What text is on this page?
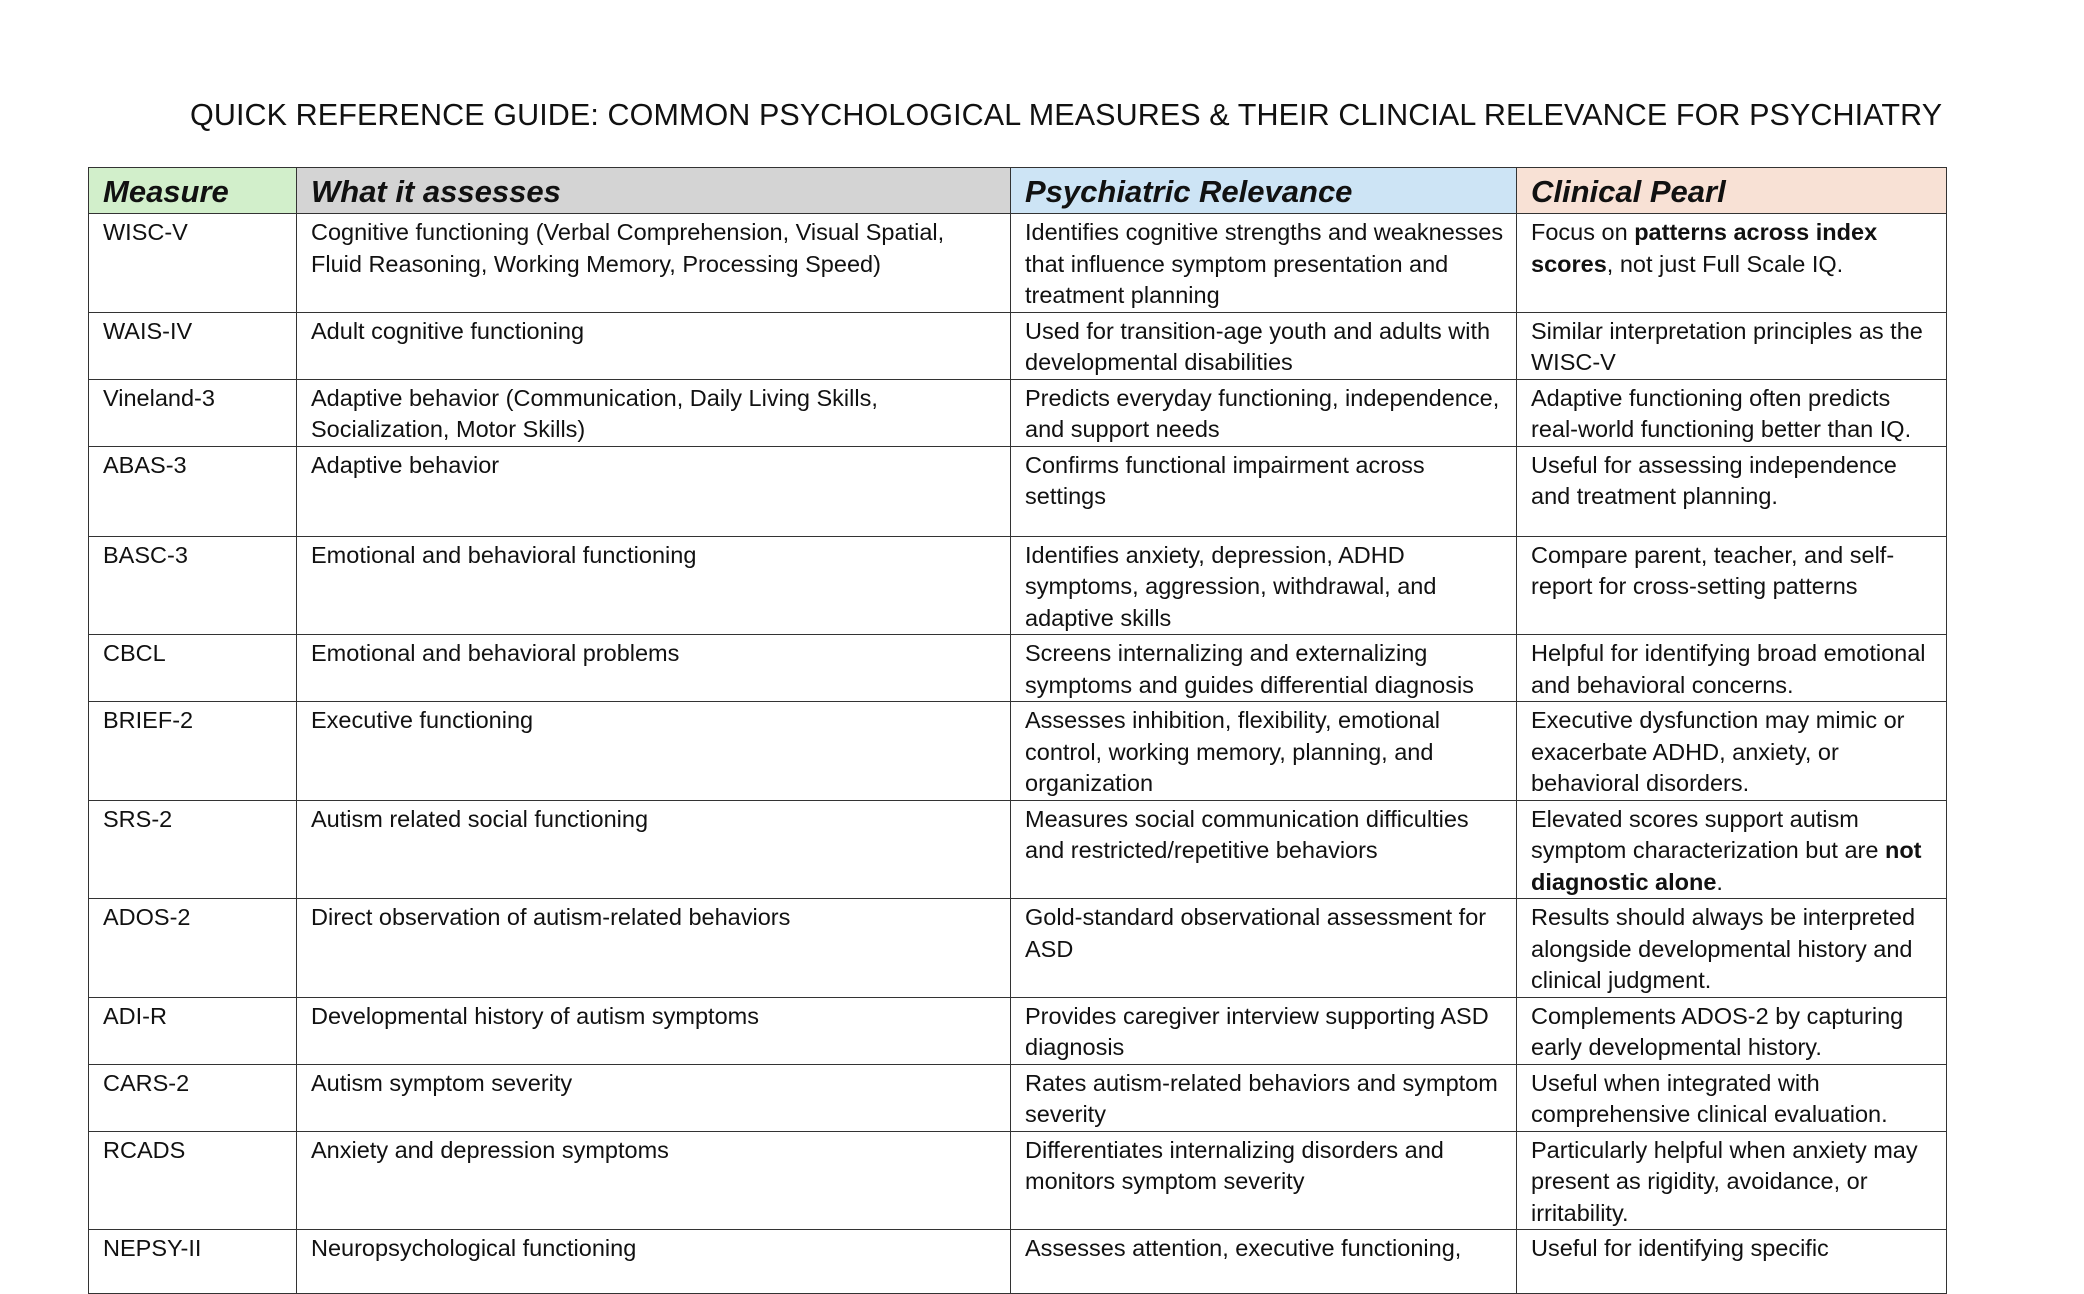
QUICK REFERENCE GUIDE: COMMON PSYCHOLOGICAL MEASURES & THEIR CLINCIAL RELEVANCE FOR PSYCHIATRY
Measure	What it assesses	Psychiatric Relevance	Clinical Pearl
WISC-V	Cognitive functioning (Verbal Comprehension, Visual Spatial, Fluid Reasoning, Working Memory, Processing Speed)	Identifies cognitive strengths and weaknesses that influence symptom presentation and treatment planning	Focus on patterns across index scores, not just Full Scale IQ.
WAIS-IV	Adult cognitive functioning	Used for transition-age youth and adults with developmental disabilities	Similar interpretation principles as the WISC-V
Vineland-3	Adaptive behavior (Communication, Daily Living Skills, Socialization, Motor Skills)	Predicts everyday functioning, independence, and support needs	Adaptive functioning often predicts real-world functioning better than IQ.
ABAS-3	Adaptive behavior	Confirms functional impairment across settings	Useful for assessing independence and treatment planning.
BASC-3	Emotional and behavioral functioning	Identifies anxiety, depression, ADHD symptoms, aggression, withdrawal, and adaptive skills	Compare parent, teacher, and self-report for cross-setting patterns
CBCL	Emotional and behavioral problems	Screens internalizing and externalizing symptoms and guides differential diagnosis	Helpful for identifying broad emotional and behavioral concerns.
BRIEF-2	Executive functioning	Assesses inhibition, flexibility, emotional control, working memory, planning, and organization	Executive dysfunction may mimic or exacerbate ADHD, anxiety, or behavioral disorders.
SRS-2	Autism related social functioning	Measures social communication difficulties and restricted/repetitive behaviors	Elevated scores support autism symptom characterization but are not diagnostic alone.
ADOS-2	Direct observation of autism-related behaviors	Gold-standard observational assessment for ASD	Results should always be interpreted alongside developmental history and clinical judgment.
ADI-R	Developmental history of autism symptoms	Provides caregiver interview supporting ASD diagnosis	Complements ADOS-2 by capturing early developmental history.
CARS-2	Autism symptom severity	Rates autism-related behaviors and symptom severity	Useful when integrated with comprehensive clinical evaluation.
RCADS	Anxiety and depression symptoms	Differentiates internalizing disorders and monitors symptom severity	Particularly helpful when anxiety may present as rigidity, avoidance, or irritability.
NEPSY-II	Neuropsychological functioning	Assesses attention, executive functioning,	Useful for identifying specific
